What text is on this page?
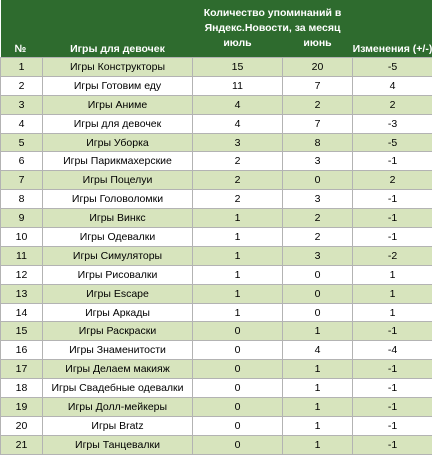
№	Игры для девочек	Количество упоминаний в Яндекс.Новости, за месяц		Изменения (+/-)
		июль	июнь	
1	Игры Конструкторы	15	20	-5
2	Игры Готовим еду	11	7	4
3	Игры Аниме	4	2	2
4	Игры для девочек	4	7	-3
5	Игры Уборка	3	8	-5
6	Игры Парикмахерские	2	3	-1
7	Игры Поцелуи	2	0	2
8	Игры Головоломки	2	3	-1
9	Игры Винкс	1	2	-1
10	Игры Одевалки	1	2	-1
11	Игры Симуляторы	1	3	-2
12	Игры Рисовалки	1	0	1
13	Игры Escape	1	0	1
14	Игры Аркады	1	0	1
15	Игры Раскраски	0	1	-1
16	Игры Знаменитости	0	4	-4
17	Игры Делаем макияж	0	1	-1
18	Игры Свадебные одевалки	0	1	-1
19	Игры Долл-мейкеры	0	1	-1
20	Игры Bratz	0	1	-1
21	Игры Танцевалки	0	1	-1
